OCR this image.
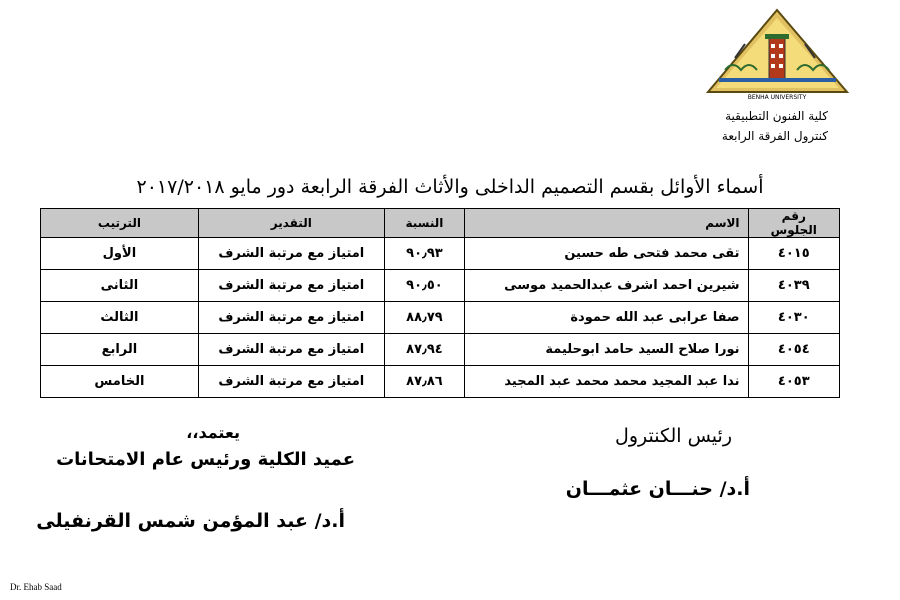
BENHA UNIVERSITY
كلية الفنون التطبيقية
كنترول الفرقة الرابعة
أسماء الأوائل بقسم التصميم الداخلى والأثاث الفرقة الرابعة دور مايو ٢٠١٧/٢٠١٨
رقم الجلوس	الاسم	النسبة	التقدير	الترتيب
٤٠١٥	تقى محمد فتحى طه حسين	٩٠٫٩٣	امتياز مع مرتبة الشرف	الأول
٤٠٣٩	شيرين احمد اشرف عبدالحميد موسى	٩٠٫٥٠	امتياز مع مرتبة الشرف	الثانى
٤٠٣٠	صفا عرابى عبد الله حمودة	٨٨٫٧٩	امتياز مع مرتبة الشرف	الثالث
٤٠٥٤	نورا صلاح السيد حامد ابوحليمة	٨٧٫٩٤	امتياز مع مرتبة الشرف	الرابع
٤٠٥٣	ندا عبد المجيد محمد محمد عبد المجيد	٨٧٫٨٦	امتياز مع مرتبة الشرف	الخامس
رئيس الكنترول
أ.د/ حنـــان عثمـــان
يعتمد،،
عميد الكلية ورئيس عام الامتحانات
أ.د/ عبد المؤمن شمس القرنفيلى
Dr. Ehab Saad
